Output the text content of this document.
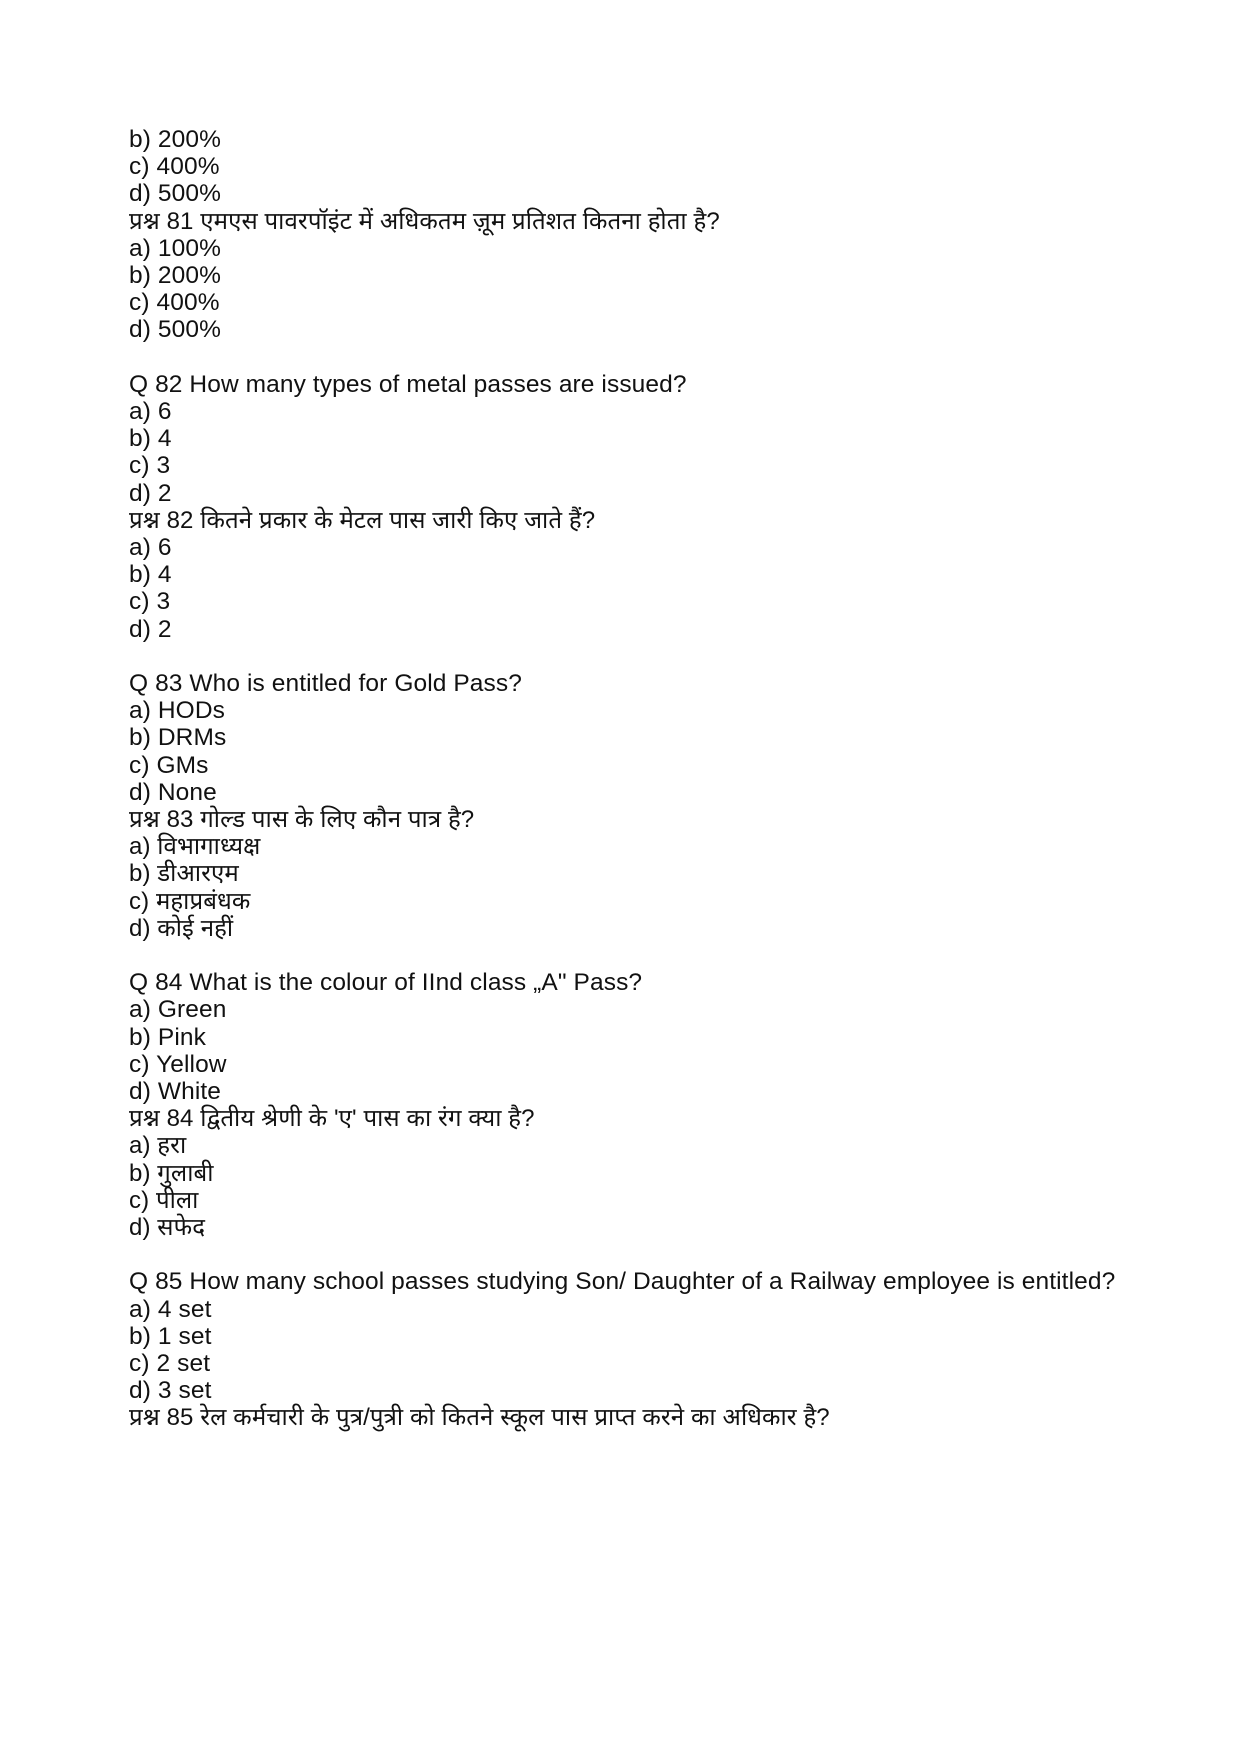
b) 200%
c) 400%
d) 500%
प्रश्न 81 एमएस पावरपॉइंट में अधिकतम ज़ूम प्रतिशत कितना होता है?
a) 100%
b) 200%
c) 400%
d) 500%
Q 82 How many types of metal passes are issued?
a) 6
b) 4
c) 3
d) 2
प्रश्न 82 कितने प्रकार के मेटल पास जारी किए जाते हैं?
a) 6
b) 4
c) 3
d) 2
Q 83 Who is entitled for Gold Pass?
a) HODs
b) DRMs
c) GMs
d) None
प्रश्न 83 गोल्ड पास के लिए कौन पात्र है?
a) विभागाध्यक्ष
b) डीआरएम
c) महाप्रबंधक
d) कोई नहीं
Q 84 What is the colour of IInd class „A" Pass?
a) Green
b) Pink
c) Yellow
d) White
प्रश्न 84 द्वितीय श्रेणी के 'ए' पास का रंग क्या है?
a) हरा
b) गुलाबी
c) पीला
d) सफेद
Q 85 How many school passes studying Son/ Daughter of a Railway employee is entitled?
a) 4 set
b) 1 set
c) 2 set
d) 3 set
प्रश्न 85 रेल कर्मचारी के पुत्र/पुत्री को कितने स्कूल पास प्राप्त करने का अधिकार है?
